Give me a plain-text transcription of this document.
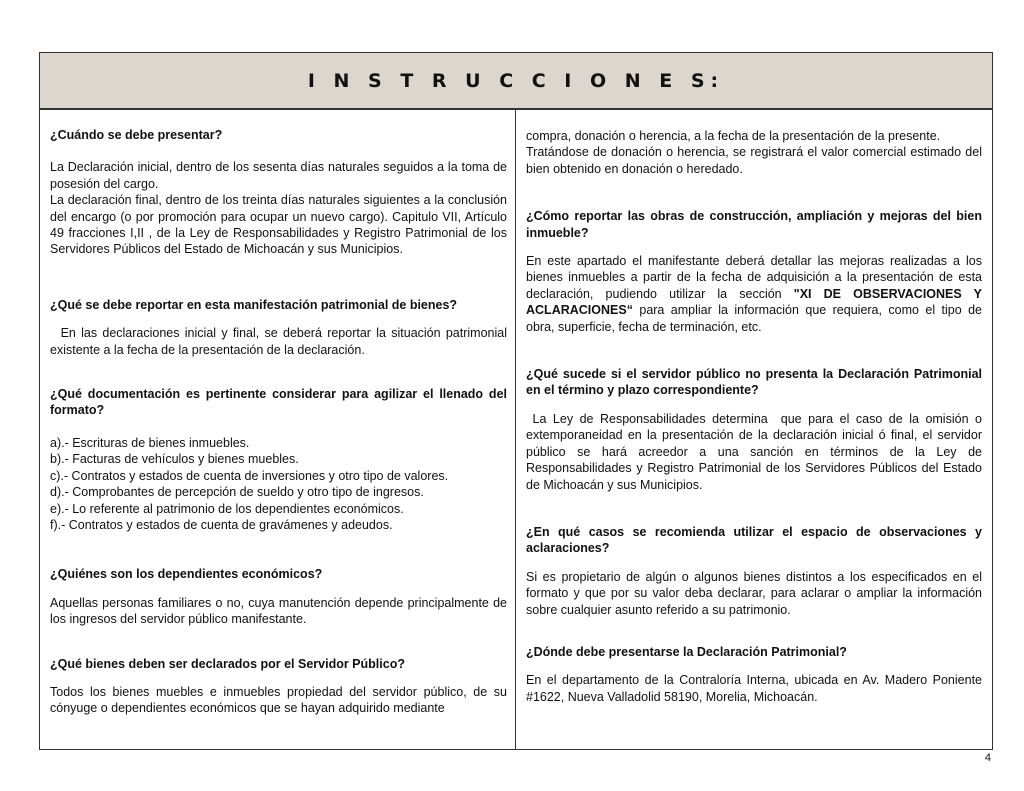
I N S T R U C C I O N E S:

¿Cuándo se debe presentar?

La Declaración inicial, dentro de los sesenta días naturales seguidos a la toma de posesión del cargo.

La declaración final, dentro de los treinta días naturales siguientes a la conclusión del encargo (o por promoción para ocupar un nuevo cargo). Capitulo VII, Artículo 49 fracciones I,II , de la Ley de Responsabilidades y Registro Patrimonial de los Servidores Públicos del Estado de Michoacán y sus Municipios.

¿Qué se debe reportar en esta manifestación patrimonial de bienes?

En las declaraciones inicial y final, se deberá reportar la situación patrimonial existente a la fecha de la presentación de la declaración.

¿Qué documentación es pertinente considerar para agilizar el llenado del formato?

a).- Escrituras de bienes inmuebles.

b).- Facturas de vehículos y bienes muebles.

c).- Contratos y estados de cuenta de inversiones y otro tipo de valores.

d).- Comprobantes de percepción de sueldo y otro tipo de ingresos.

e).- Lo referente al patrimonio de los dependientes económicos.

f).- Contratos y estados de cuenta de gravámenes y adeudos.

¿Quiénes son los dependientes económicos?

Aquellas personas familiares o no, cuya manutención depende principalmente de los ingresos del servidor público manifestante.

¿Qué bienes deben ser declarados por el Servidor Público?

Todos los bienes muebles e inmuebles propiedad del servidor público, de su cónyuge o dependientes económicos que se hayan adquirido mediante

compra, donación o herencia, a la fecha de la presentación de la presente.

Tratándose de donación o herencia, se registrará el valor comercial estimado del bien obtenido en donación o heredado.

¿Cómo reportar las obras de construcción, ampliación y mejoras del bien inmueble?

En este apartado el manifestante deberá detallar las mejoras realizadas a los bienes inmuebles a partir de la fecha de adquisición a la presentación de esta declaración, pudiendo utilizar la sección "XI DE OBSERVACIONES Y ACLARACIONES“ para ampliar la información que requiera, como el tipo de obra, superficie, fecha de terminación, etc.

¿Qué sucede si el servidor público no presenta la Declaración Patrimonial en el término y plazo correspondiente?

La Ley de Responsabilidades determina  que para el caso de la omisión o extemporaneidad en la presentación de la declaración inicial ó final, el servidor público se hará acreedor a una sanción en términos de la Ley de Responsabilidades y Registro Patrimonial de los Servidores Públicos del Estado de Michoacán y sus Municipios.

¿En qué casos se recomienda utilizar el espacio de observaciones y aclaraciones?

Si es propietario de algún o algunos bienes distintos a los especificados en el formato y que por su valor deba declarar, para aclarar o ampliar la información sobre cualquier asunto referido a su patrimonio.

¿Dónde debe presentarse la Declaración Patrimonial?

En el departamento de la Contraloría Interna, ubicada en Av. Madero Poniente #1622, Nueva Valladolid 58190, Morelia, Michoacán.

4
